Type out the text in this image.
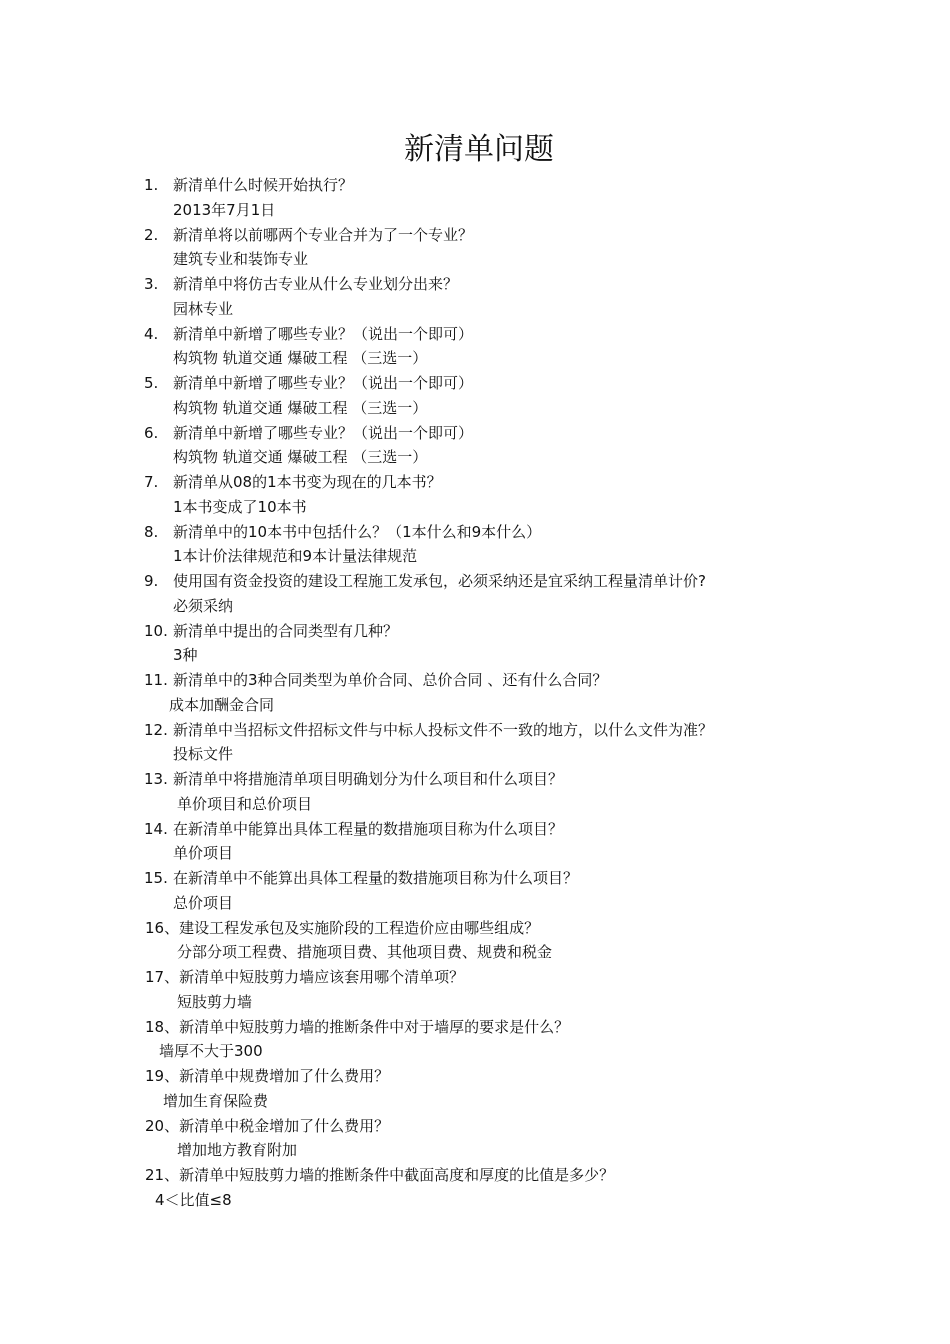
新清单问题
1. 新清单什么时候开始执行？
2013年7月1日
2. 新清单将以前哪两个专业合并为了一个专业？
建筑专业和装饰专业
3. 新清单中将仿古专业从什么专业划分出来？
园林专业
4. 新清单中新增了哪些专业？（说出一个即可）
构筑物 轨道交通 爆破工程 （三选一）
5. 新清单中新增了哪些专业？（说出一个即可）
构筑物 轨道交通 爆破工程 （三选一）
6. 新清单中新增了哪些专业？（说出一个即可）
构筑物 轨道交通 爆破工程 （三选一）
7. 新清单从08的1本书变为现在的几本书？
1本书变成了10本书
8. 新清单中的10本书中包括什么？（1本什么和9本什么）
1本计价法律规范和9本计量法律规范
9. 使用国有资金投资的建设工程施工发承包，必须采纳还是宜采纳工程量清单计价?
必须采纳
10. 新清单中提出的合同类型有几种？
3种
11. 新清单中的3种合同类型为单价合同、总价合同 、还有什么合同？
成本加酬金合同
12. 新清单中当招标文件招标文件与中标人投标文件不一致的地方，以什么文件为准？
投标文件
13. 新清单中将措施清单项目明确划分为什么项目和什么项目？
单价项目和总价项目
14. 在新清单中能算出具体工程量的数措施项目称为什么项目？
单价项目
15. 在新清单中不能算出具体工程量的数措施项目称为什么项目？
总价项目
16、建设工程发承包及实施阶段的工程造价应由哪些组成？
分部分项工程费、措施项目费、其他项目费、规费和税金
17、新清单中短肢剪力墙应该套用哪个清单项？
短肢剪力墙
18、新清单中短肢剪力墙的推断条件中对于墙厚的要求是什么？
墙厚不大于300
19、新清单中规费增加了什么费用？
增加生育保险费
20、新清单中税金增加了什么费用？
增加地方教育附加
21、新清单中短肢剪力墙的推断条件中截面高度和厚度的比值是多少？
4＜比值≤8
